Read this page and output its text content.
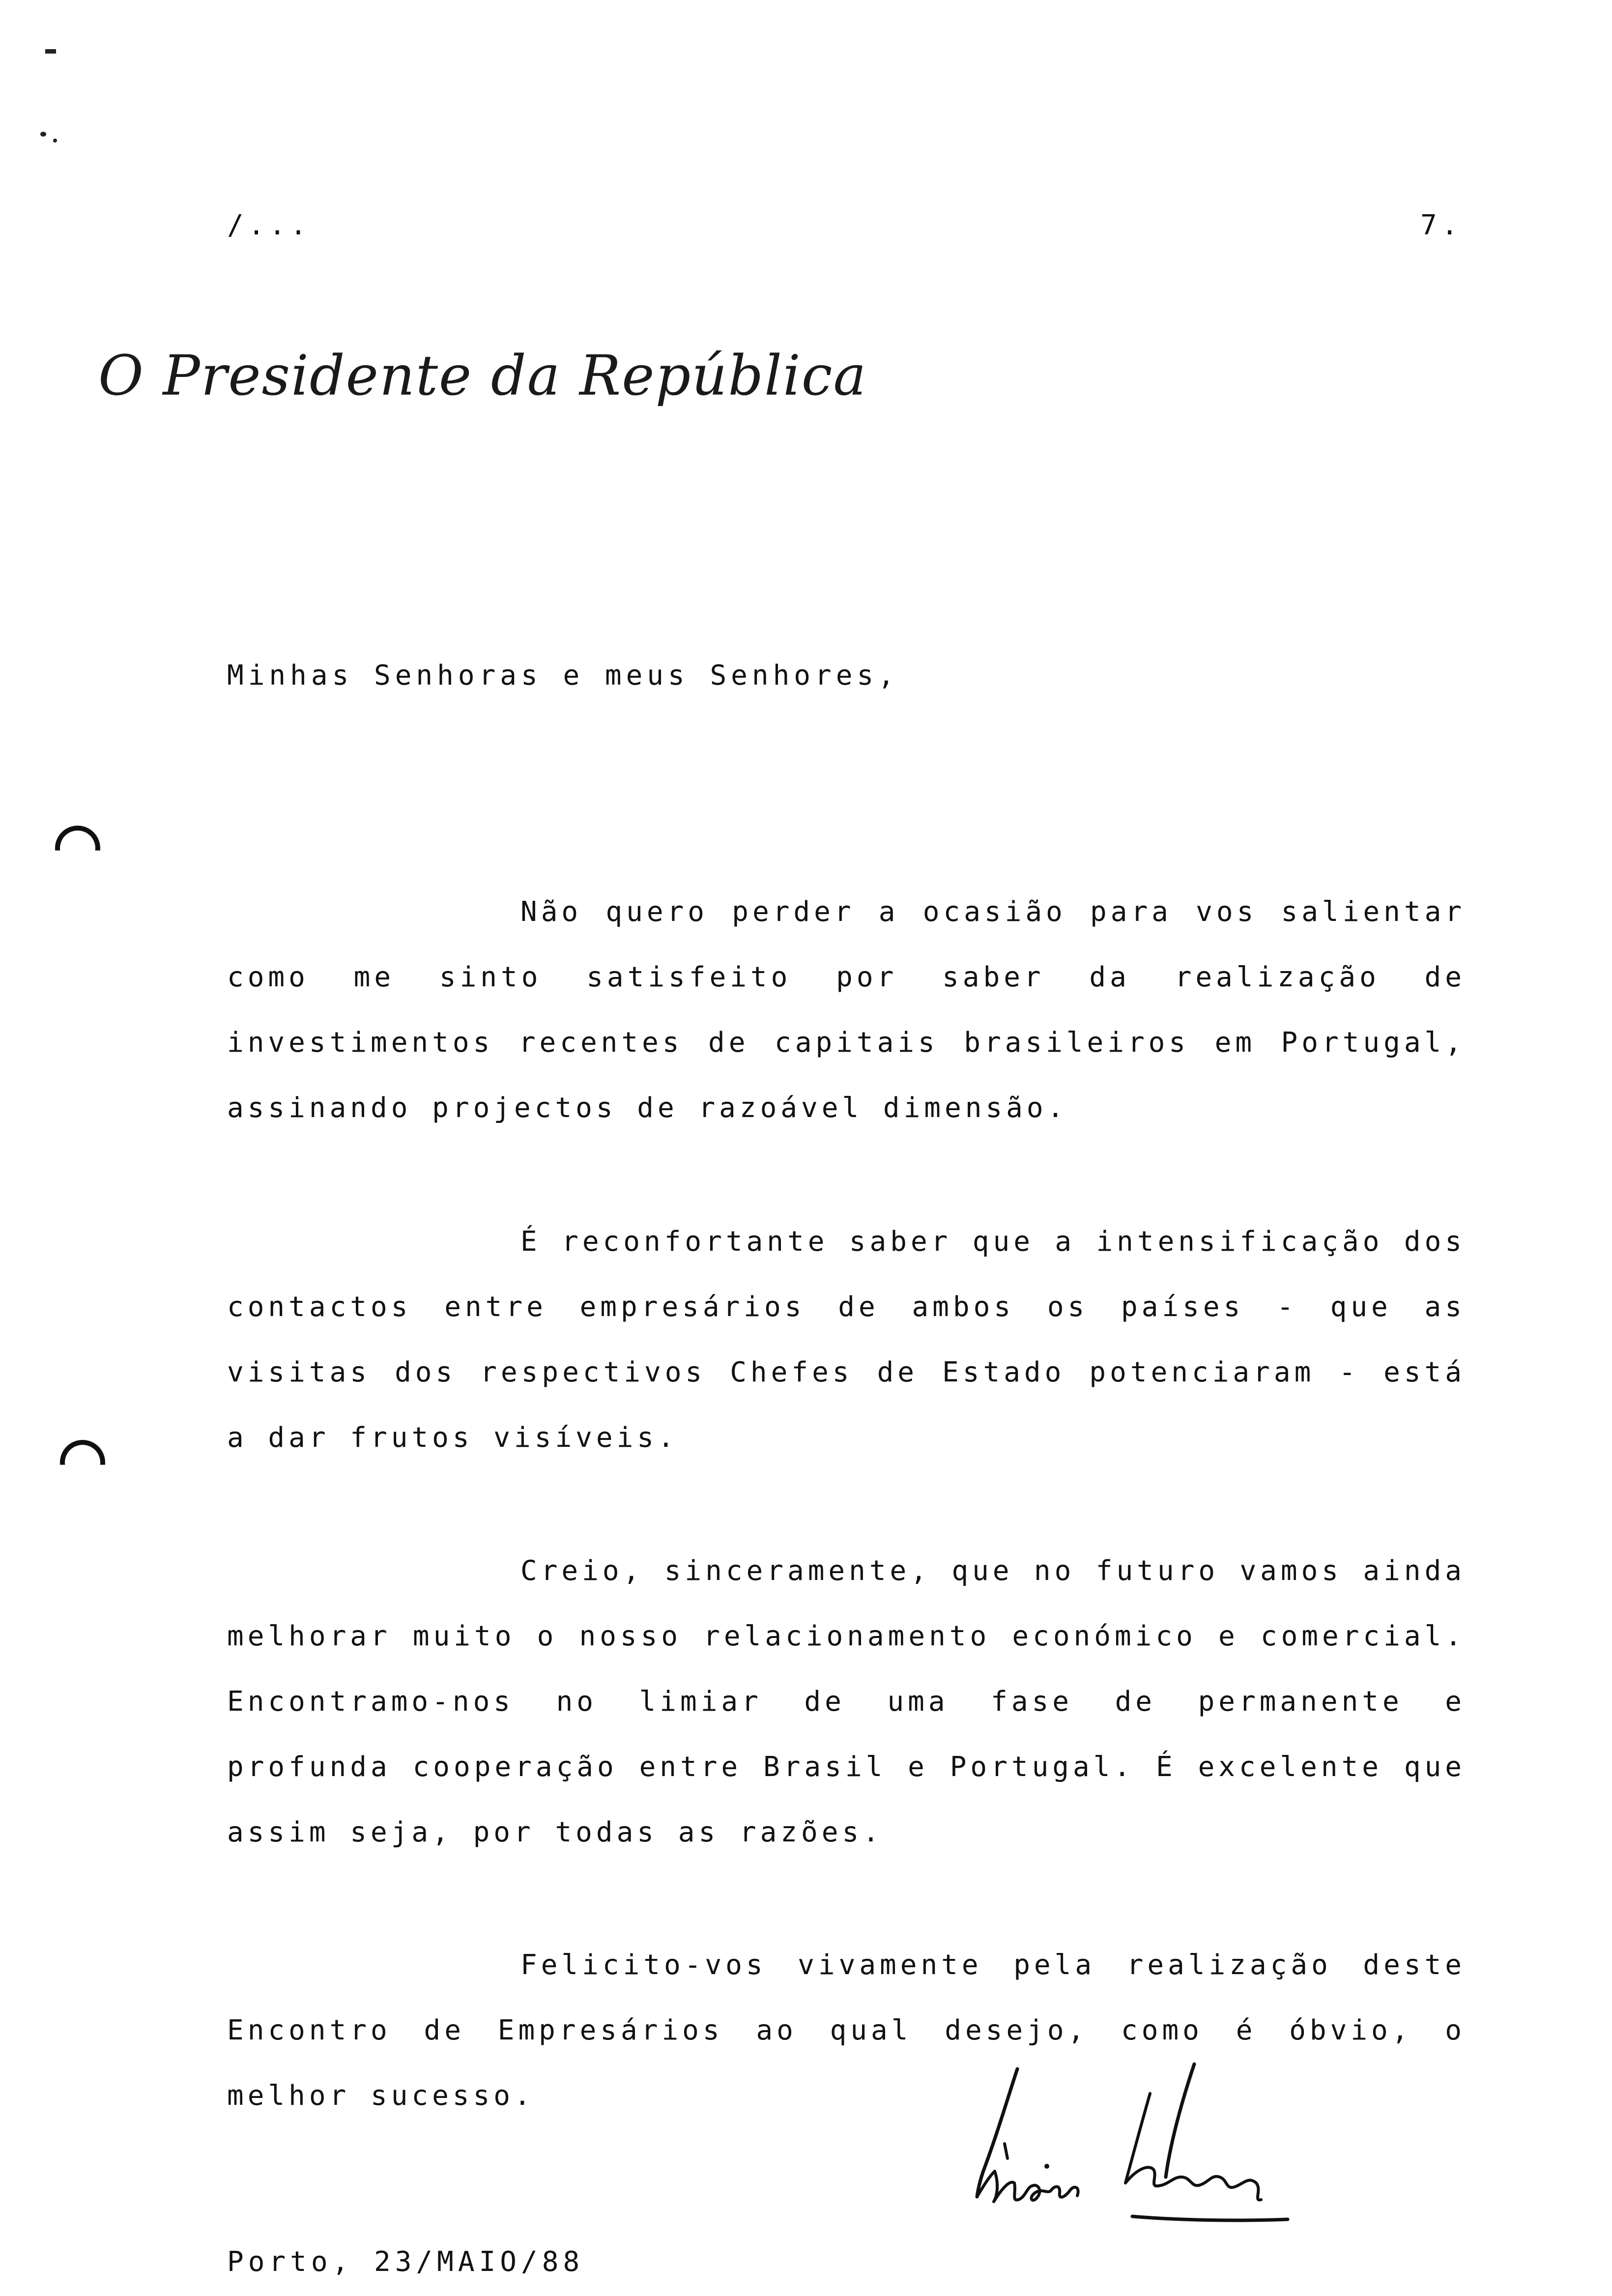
/...	7.
O Presidente da República
Minhas Senhoras e meus Senhores,
Não quero perder a ocasião para vos salientar como me sinto satisfeito por saber da realização de investimentos recentes de capitais brasileiros em Portugal, assinando projectos de razoável dimensão.
É reconfortante saber que a intensificação dos contactos entre empresários de ambos os países - que as visitas dos respectivos Chefes de Estado potenciaram - está a dar frutos visíveis.
Creio, sinceramente, que no futuro vamos ainda melhorar muito o nosso relacionamento económico e comercial. Encontramo-nos no limiar de uma fase de permanente e profunda cooperação entre Brasil e Portugal. É excelente que assim seja, por todas as razões.
Felicito-vos vivamente pela realização deste Encontro de Empresários ao qual desejo, como é óbvio, o melhor sucesso.
Porto, 23/MAIO/88
